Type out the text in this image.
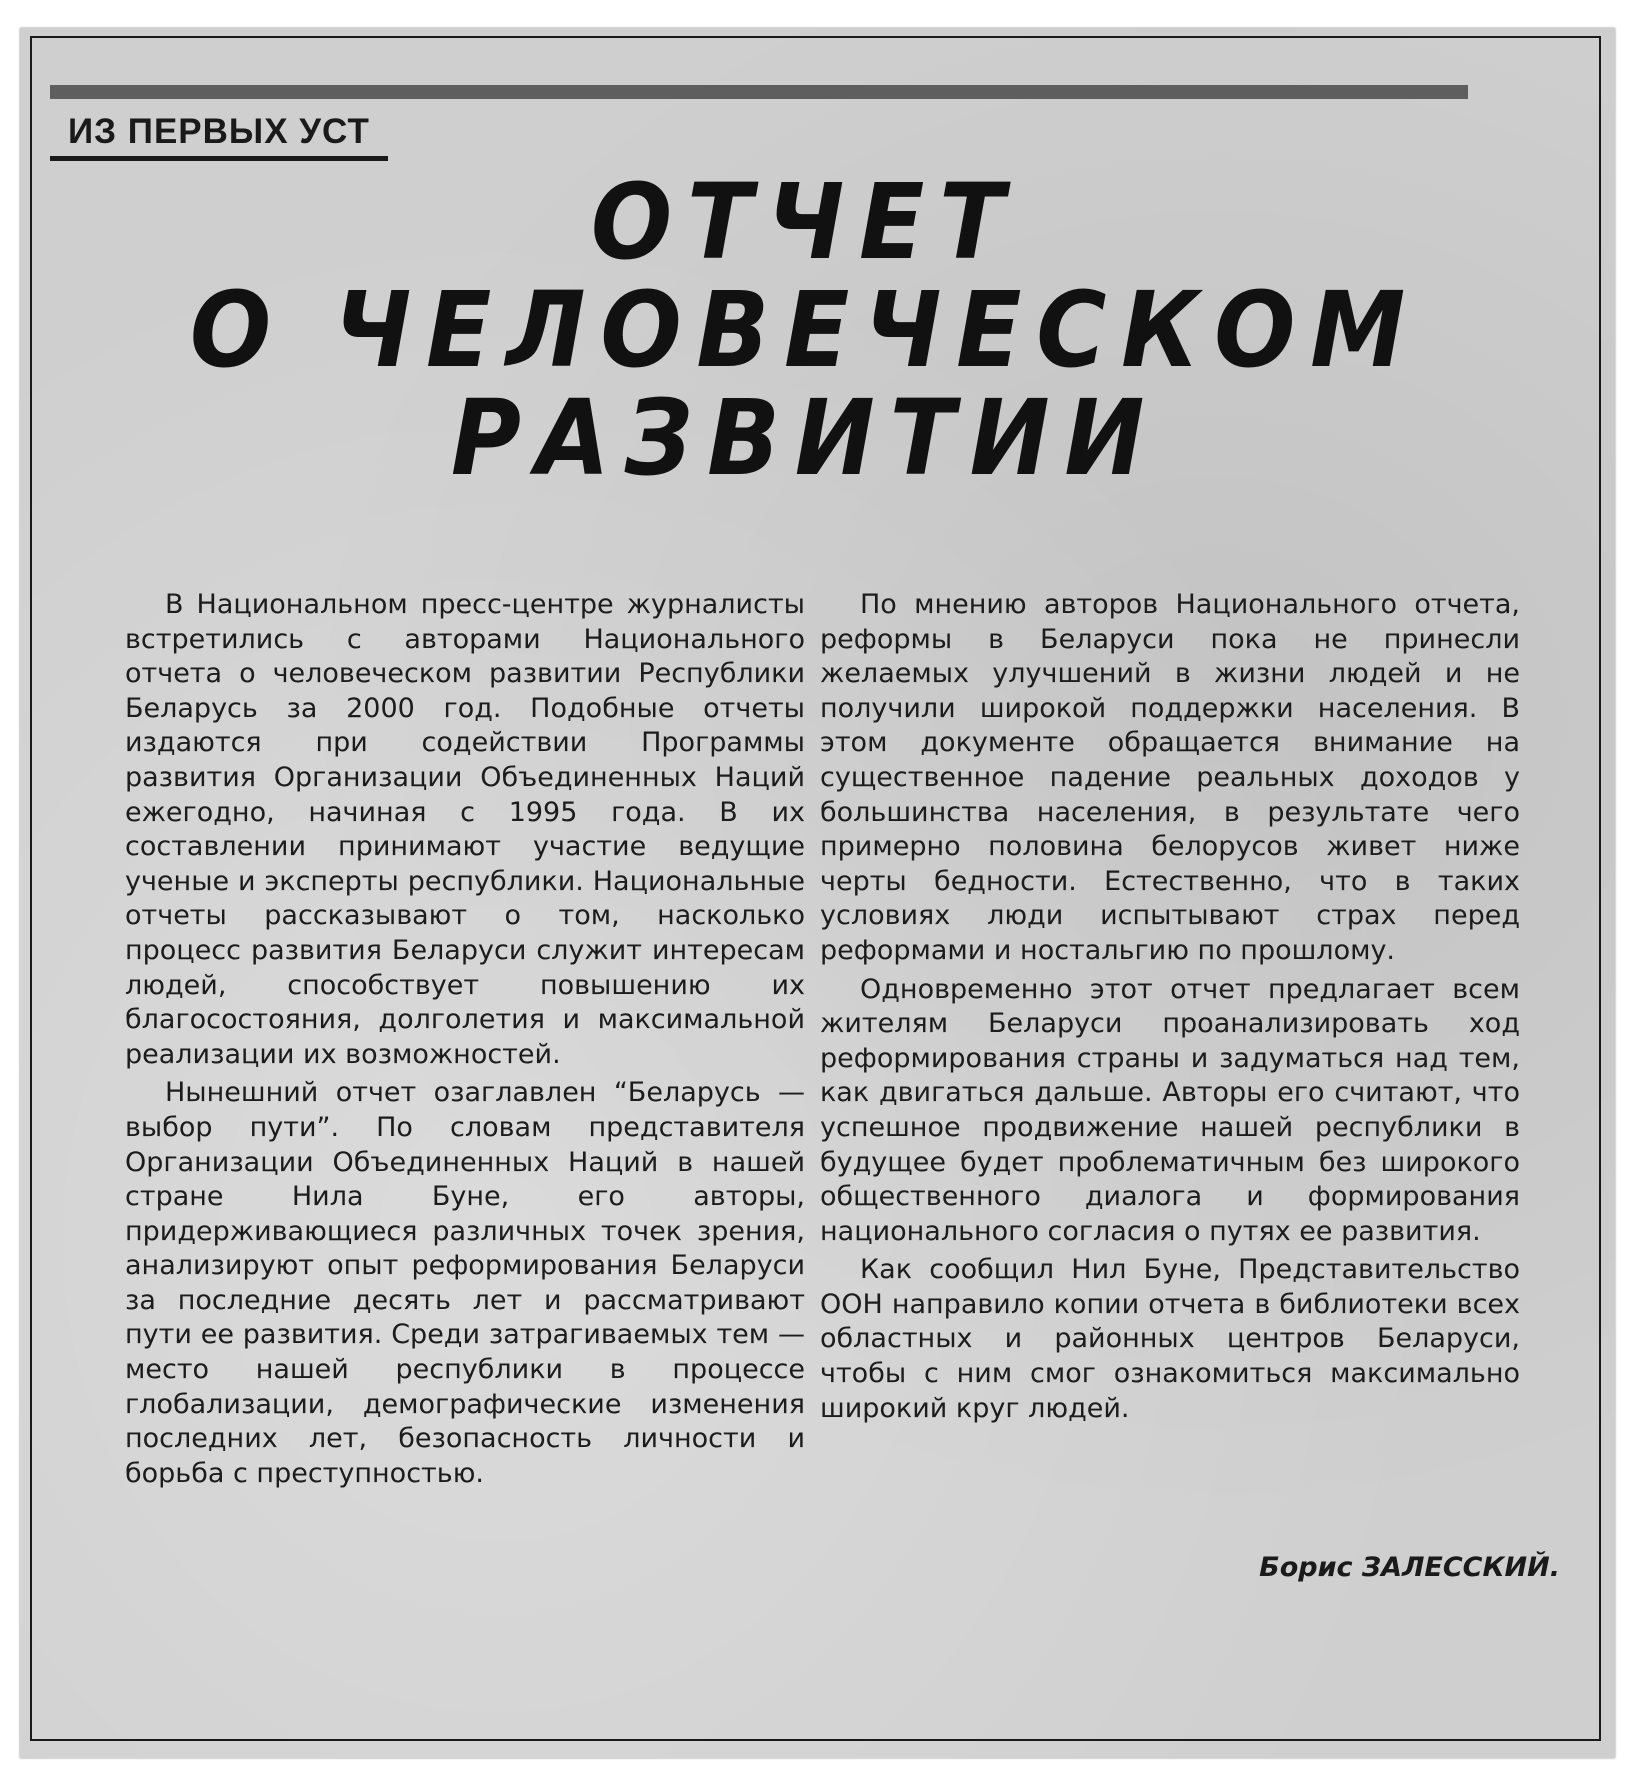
ИЗ ПЕРВЫХ УСТ
ОТЧЕТ
О ЧЕЛОВЕЧЕСКОМ
РАЗВИТИИ

В Национальном пресс-центре журналисты встретились с авторами Национального отчета о человеческом развитии Республики Беларусь за 2000 год. Подобные отчеты издаются при содействии Программы развития Организации Объединенных Наций ежегодно, начиная с 1995 года. В их составлении принимают участие ведущие ученые и эксперты республики. Национальные отчеты рассказывают о том, насколько процесс развития Беларуси служит интересам людей, способствует повышению их благосостояния, долголетия и максимальной реализации их возможностей.

Нынешний отчет озаглавлен “Беларусь — выбор пути”. По словам представителя Организации Объединенных Наций в нашей стране Нила Буне, его авторы, придерживающиеся различных точек зрения, анализируют опыт реформирования Беларуси за последние десять лет и рассматривают пути ее развития. Среди затрагиваемых тем — место нашей республики в процессе глобализации, демографические изменения последних лет, безопасность личности и борьба с преступностью.

По мнению авторов Национального отчета, реформы в Беларуси пока не принесли желаемых улучшений в жизни людей и не получили широкой поддержки населения. В этом документе обращается внимание на существенное падение реальных доходов у большинства населения, в результате чего примерно половина белорусов живет ниже черты бедности. Естественно, что в таких условиях люди испытывают страх перед реформами и ностальгию по прошлому.

Одновременно этот отчет предлагает всем жителям Беларуси проанализировать ход реформирования страны и задуматься над тем, как двигаться дальше. Авторы его считают, что успешное продвижение нашей республики в будущее будет проблематичным без широкого общественного диалога и формирования национального согласия о путях ее развития.

Как сообщил Нил Буне, Представительство ООН направило копии отчета в библиотеки всех областных и районных центров Беларуси, чтобы с ним смог ознакомиться максимально широкий круг людей.

Борис ЗАЛЕССКИЙ.
